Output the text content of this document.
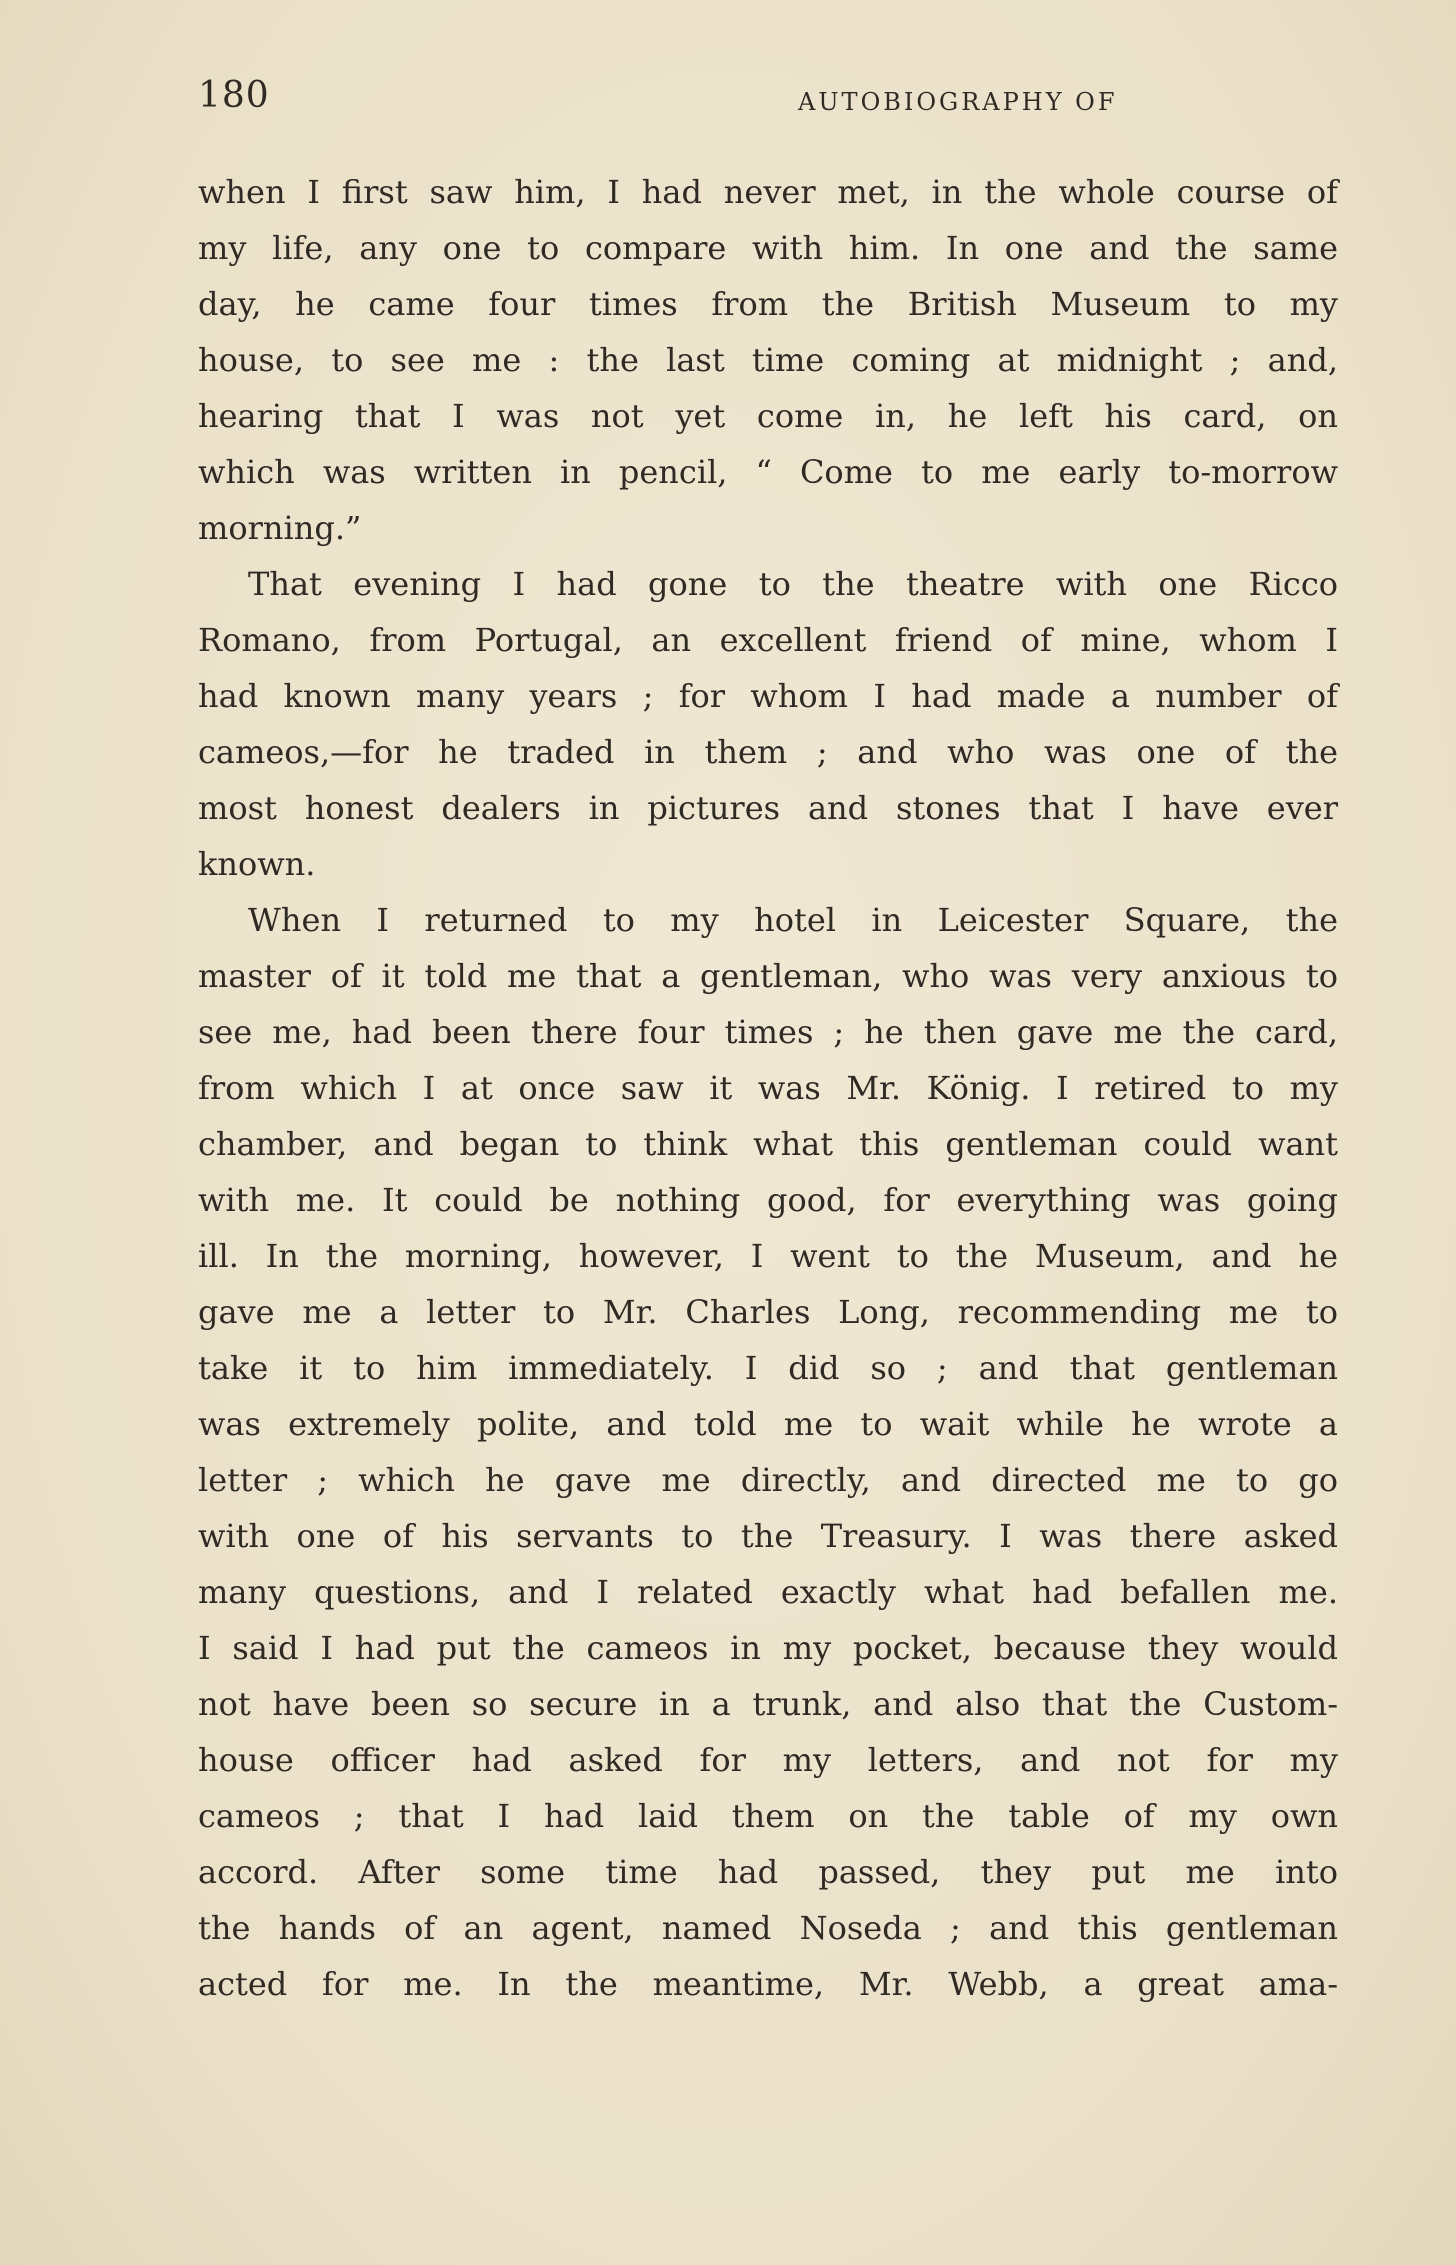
180	AUTOBIOGRAPHY OF
when I first saw him, I had never met, in the whole course of
my life, any one to compare with him. In one and the same
day, he came four times from the British Museum to my
house, to see me : the last time coming at midnight ; and,
hearing that I was not yet come in, he left his card, on
which was written in pencil, “ Come to me early to-morrow
morning.”
That evening I had gone to the theatre with one Ricco
Romano, from Portugal, an excellent friend of mine, whom I
had known many years ; for whom I had made a number of
cameos,—for he traded in them ; and who was one of the
most honest dealers in pictures and stones that I have ever
known.
When I returned to my hotel in Leicester Square, the
master of it told me that a gentleman, who was very anxious to
see me, had been there four times ; he then gave me the card,
from which I at once saw it was Mr. König. I retired to my
chamber, and began to think what this gentleman could want
with me. It could be nothing good, for everything was going
ill. In the morning, however, I went to the Museum, and he
gave me a letter to Mr. Charles Long, recommending me to
take it to him immediately. I did so ; and that gentleman
was extremely polite, and told me to wait while he wrote a
letter ; which he gave me directly, and directed me to go
with one of his servants to the Treasury. I was there asked
many questions, and I related exactly what had befallen me.
I said I had put the cameos in my pocket, because they would
not have been so secure in a trunk, and also that the Custom-
house officer had asked for my letters, and not for my
cameos ; that I had laid them on the table of my own
accord. After some time had passed, they put me into
the hands of an agent, named Noseda ; and this gentleman
acted for me. In the meantime, Mr. Webb, a great ama-
